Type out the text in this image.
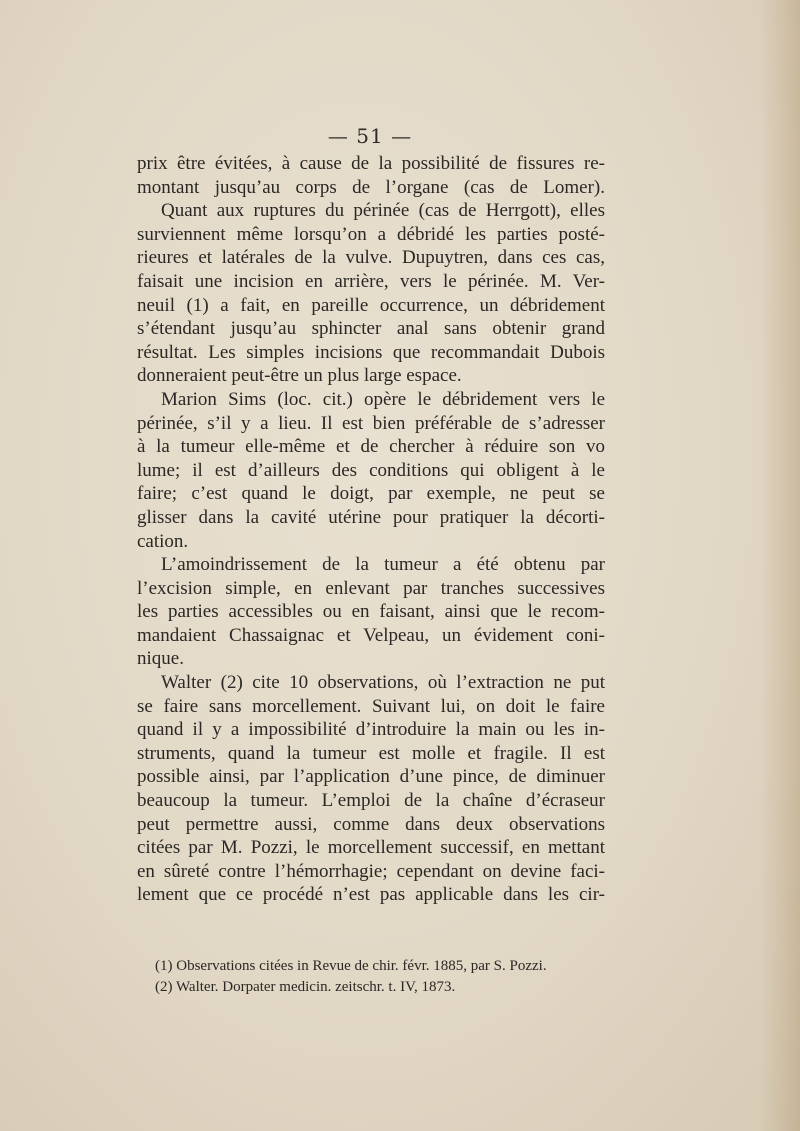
— 51 —
prix être évitées, à cause de la possibilité de fissures re-
montant jusqu’au corps de l’organe (cas de Lomer).
Quant aux ruptures du périnée (cas de Herrgott), elles
surviennent même lorsqu’on a débridé les parties posté-
rieures et latérales de la vulve. Dupuytren, dans ces cas,
faisait une incision en arrière, vers le périnée. M. Ver-
neuil (1) a fait, en pareille occurrence, un débridement
s’étendant jusqu’au sphincter anal sans obtenir grand
résultat. Les simples incisions que recommandait Dubois
donneraient peut-être un plus large espace.
Marion Sims (loc. cit.) opère le débridement vers le
périnée, s’il y a lieu. Il est bien préférable de s’adresser
à la tumeur elle-même et de chercher à réduire son vo
lume; il est d’ailleurs des conditions qui obligent à le
faire; c’est quand le doigt, par exemple, ne peut se
glisser dans la cavité utérine pour pratiquer la décorti-
cation.
L’amoindrissement de la tumeur a été obtenu par
l’excision simple, en enlevant par tranches successives
les parties accessibles ou en faisant, ainsi que le recom-
mandaient Chassaignac et Velpeau, un évidement coni-
nique.
Walter (2) cite 10 observations, où l’extraction ne put
se faire sans morcellement. Suivant lui, on doit le faire
quand il y a impossibilité d’introduire la main ou les in-
struments, quand la tumeur est molle et fragile. Il est
possible ainsi, par l’application d’une pince, de diminuer
beaucoup la tumeur. L’emploi de la chaîne d’écraseur
peut permettre aussi, comme dans deux observations
citées par M. Pozzi, le morcellement successif, en mettant
en sûreté contre l’hémorrhagie; cependant on devine faci-
lement que ce procédé n’est pas applicable dans les cir-
(1) Observations citées in Revue de chir. févr. 1885, par S. Pozzi.
(2) Walter. Dorpater medicin. zeitschr. t. IV, 1873.
